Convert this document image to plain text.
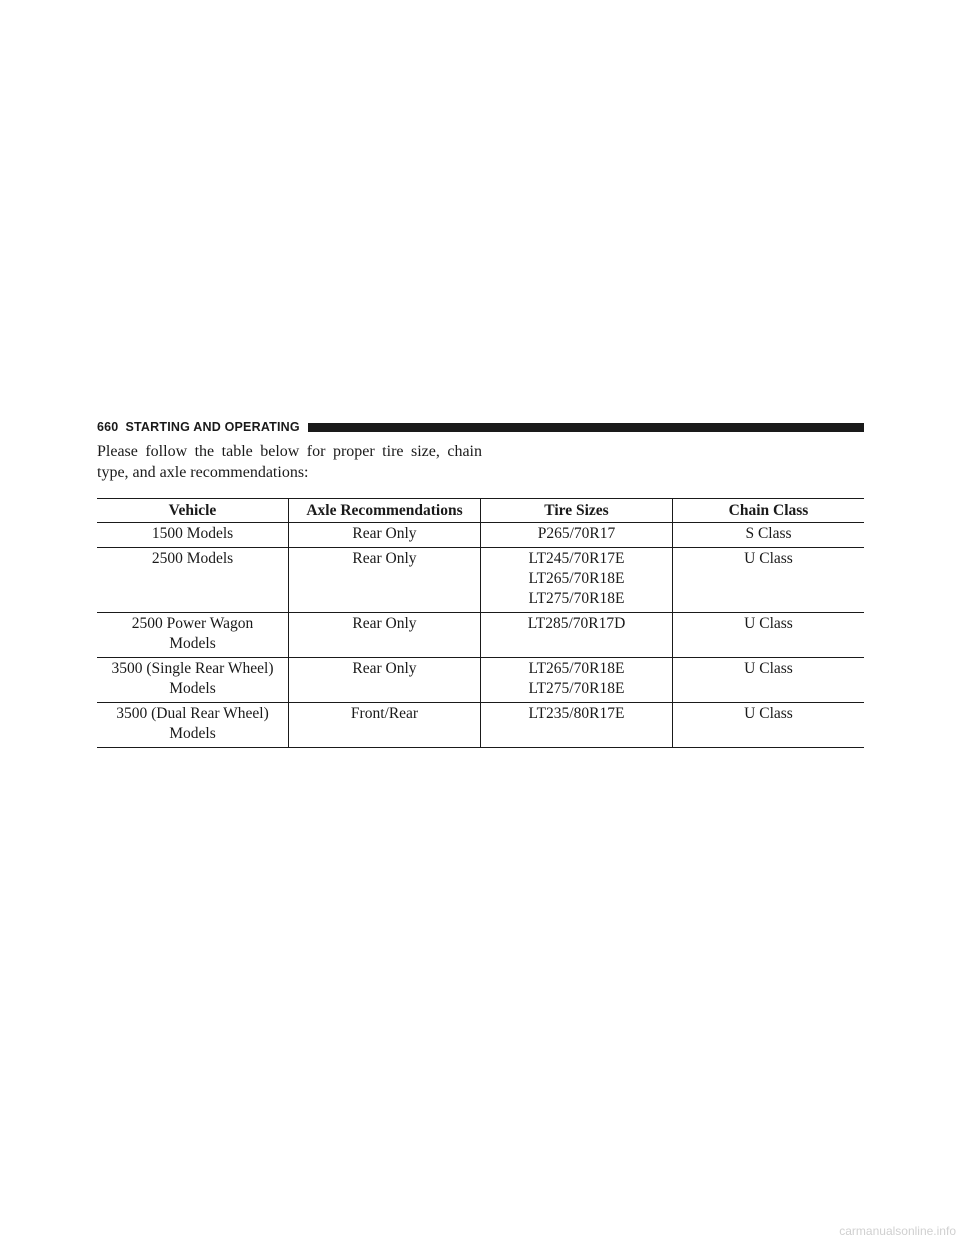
660 STARTING AND OPERATING

Please follow the table below for proper tire size, chain type, and axle recommendations:

Vehicle	Axle Recommendations	Tire Sizes	Chain Class

1500 Models	Rear Only	P265/70R17	S Class

2500 Models	Rear Only	LT245/70R17E
LT265/70R18E
LT275/70R18E	U Class

2500 Power Wagon
Models	Rear Only	LT285/70R17D	U Class

3500 (Single Rear Wheel)
Models	Rear Only	LT265/70R18E
LT275/70R18E	U Class

3500 (Dual Rear Wheel)
Models	Front/Rear	LT235/80R17E	U Class
carmanualsonline.info
